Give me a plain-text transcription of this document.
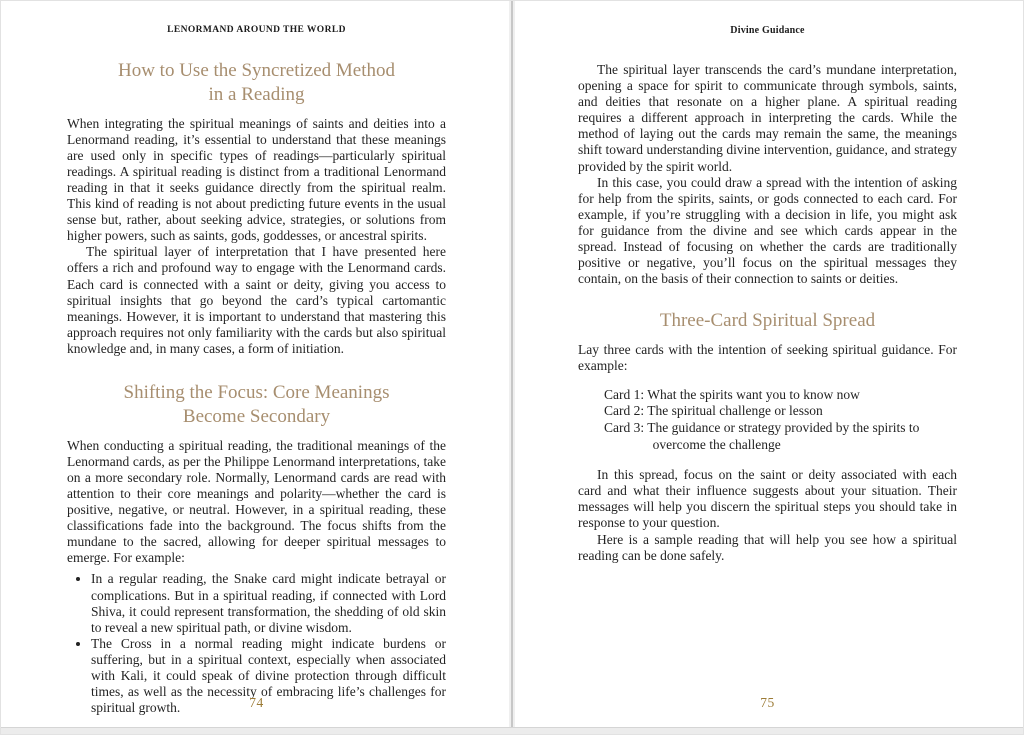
LENORMAND AROUND THE WORLD
How to Use the Syncretized Method
in a Reading

When integrating the spiritual meanings of saints and deities into a Lenormand reading, it’s essential to understand that these meanings are used only in specific types of readings—particularly spiritual readings. A spiritual reading is distinct from a traditional Lenormand reading in that it seeks guidance directly from the spiritual realm. This kind of reading is not about predicting future events in the usual sense but, rather, about seeking advice, strategies, or solutions from higher powers, such as saints, gods, goddesses, or ancestral spirits.

The spiritual layer of interpretation that I have presented here offers a rich and profound way to engage with the Lenormand cards. Each card is connected with a saint or deity, giving you access to spiritual insights that go beyond the card’s typical cartomantic meanings. However, it is important to understand that mastering this approach requires not only familiarity with the cards but also spiritual knowledge and, in many cases, a form of initiation.

Shifting the Focus: Core Meanings
Become Secondary

When conducting a spiritual reading, the traditional meanings of the Lenormand cards, as per the Philippe Lenormand interpretations, take on a more secondary role. Normally, Lenormand cards are read with attention to their core meanings and polarity—whether the card is positive, negative, or neutral. However, in a spiritual reading, these classifications fade into the background. The focus shifts from the mundane to the sacred, allowing for deeper spiritual messages to emerge. For example:

• In a regular reading, the Snake card might indicate betrayal or complications. But in a spiritual reading, if connected with Lord Shiva, it could represent transformation, the shedding of old skin to reveal a new spiritual path, or divine wisdom.
• The Cross in a normal reading might indicate burdens or suffering, but in a spiritual context, especially when associated with Kali, it could speak of divine protection through difficult times, as well as the necessity of embracing life’s challenges for spiritual growth.	74
Divine Guidance

The spiritual layer transcends the card’s mundane interpretation, opening a space for spirit to communicate through symbols, saints, and deities that resonate on a higher plane. A spiritual reading requires a different approach in interpreting the cards. While the method of laying out the cards may remain the same, the meanings shift toward understanding divine intervention, guidance, and strategy provided by the spirit world.

In this case, you could draw a spread with the intention of asking for help from the spirits, saints, or gods connected to each card. For example, if you’re struggling with a decision in life, you might ask for guidance from the divine and see which cards appear in the spread. Instead of focusing on whether the cards are traditionally positive or negative, you’ll focus on the spiritual messages they contain, on the basis of their connection to saints or deities.

Three-Card Spiritual Spread

Lay three cards with the intention of seeking spiritual guidance. For example:

Card 1: What the spirits want you to know now
Card 2: The spiritual challenge or lesson
Card 3: The guidance or strategy provided by the spirits to overcome the challenge

In this spread, focus on the saint or deity associated with each card and what their influence suggests about your situation. Their messages will help you discern the spiritual steps you should take in response to your question.

Here is a sample reading that will help you see how a spiritual reading can be done safely.

75
